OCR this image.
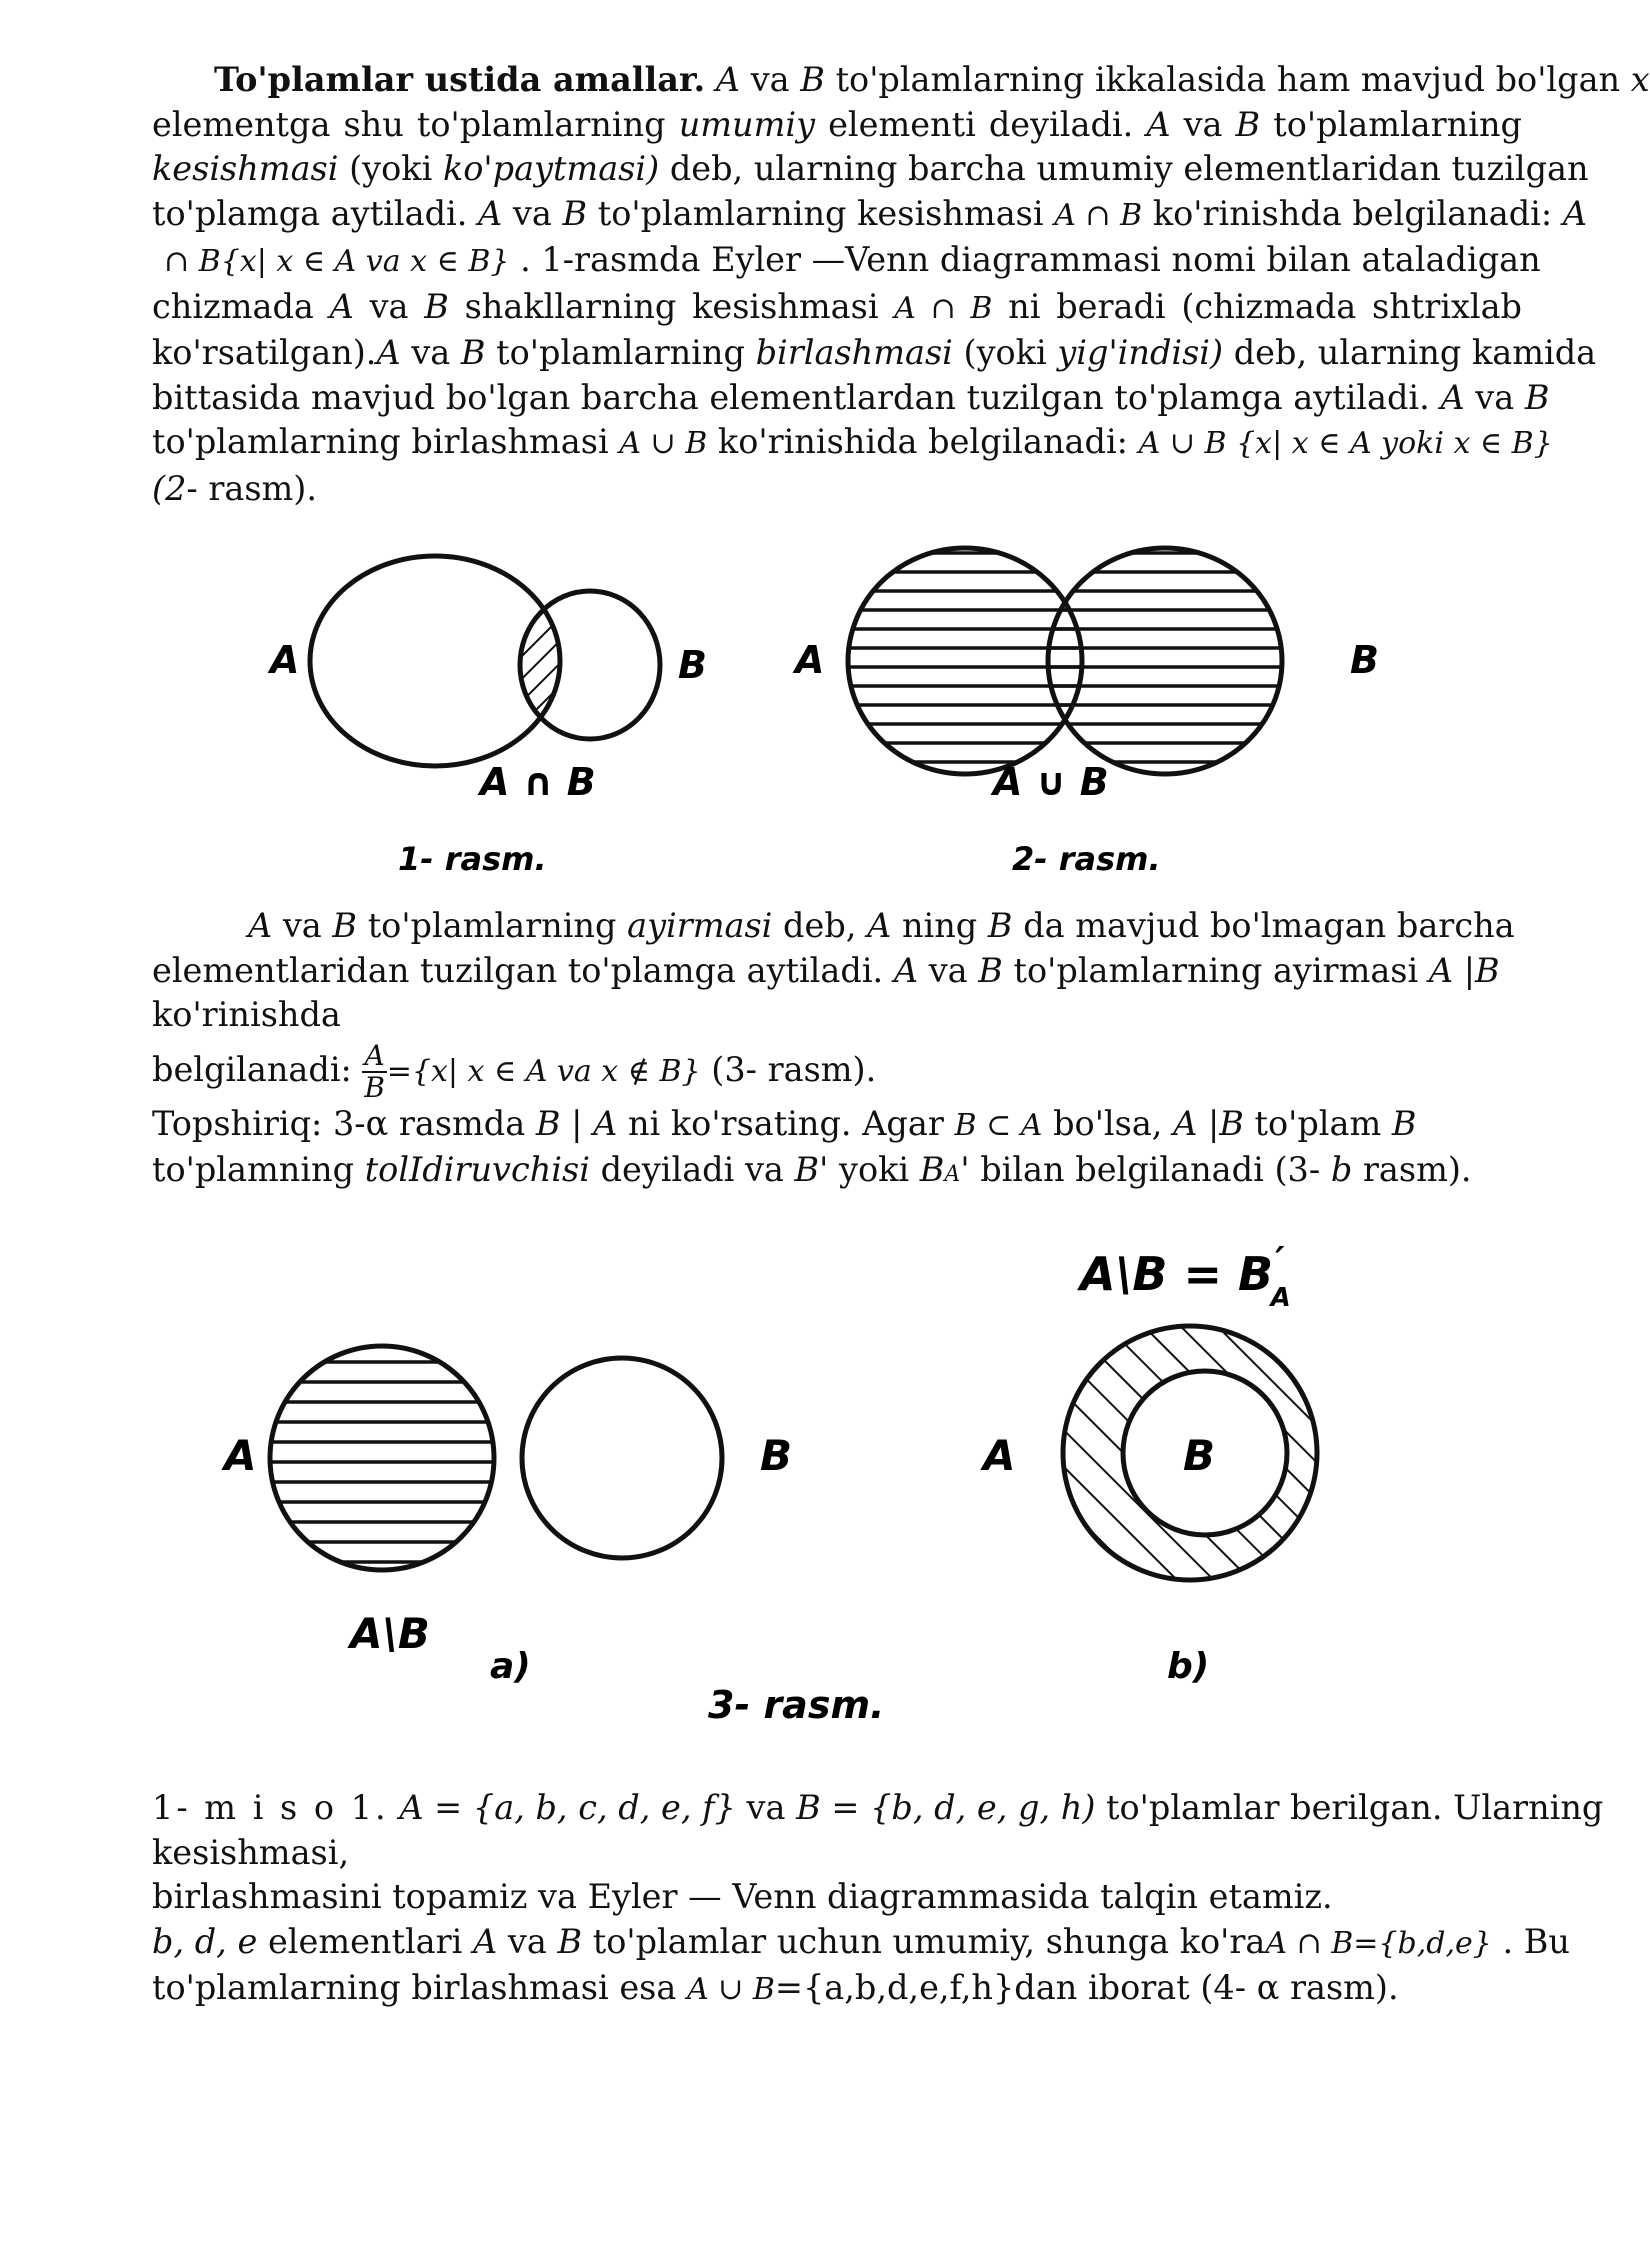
To'plamlar ustida amallar. A va B to'plamlarning ikkalasida ham mavjud bo'lgan x
elementga shu to'plamlarning umumiy elementi deyiladi. A va B to'plamlarning
kesishmasi (yoki ko'paytmasi) deb, ularning barcha umumiy elementlaridan tuzilgan
to'plamga aytiladi. A va B to'plamlarning kesishmasi A ∩ B ko'rinishda belgilanadi: A
∩ B{x| x ∈ A va x ∈ B} . 1-rasmda Eyler —Venn diagrammasi nomi bilan ataladigan
chizmada A va B shakllarning kesishmasi A ∩ B ni beradi (chizmada shtrixlab
ko'rsatilgan).A va B to'plamlarning birlashmasi (yoki yig'indisi) deb, ularning kamida
bittasida mavjud bo'lgan barcha elementlardan tuzilgan to'plamga aytiladi. A va B
to'plamlarning birlashmasi A ∪ B ko'rinishida belgilanadi: A ∪ B {x| x ∈ A yoki x ∈ B}
(2- rasm).
A	B
A ∩ B
1- rasm.
A	B
A ∪ B
2- rasm.
A va B to'plamlarning ayirmasi deb, A ning B da mavjud bo'lmagan barcha
elementlaridan tuzilgan to'plamga aytiladi. A va B to'plamlarning ayirmasi A |B
ko'rinishda
belgilanadi: $\frac{A}{B} =\{x|$ x ∈ A va x ∉ B} (3- rasm).
Topshiriq: 3-α rasmda B | A ni ko'rsating. Agar B ⊂ A bo'lsa, A |B to'plam B
to'plamning tolIdiruvchisi deyiladi va B' yoki BA' bilan belgilanadi (3- b rasm).
A	B
A\B
a)
A\B = B′ A
A	B
b)
3- rasm.
1- m i s o 1. A = {a, b, c, d, e, f} va B = {b, d, e, g, h) to'plamlar berilgan. Ularning
kesishmasi,
birlashmasini topamiz va Eyler — Venn diagrammasida talqin etamiz.
b, d, e elementlari A va B to'plamlar uchun umumiy, shunga ko'raA ∩ B={b,d,e} . Bu
to'plamlarning birlashmasi esa A ∪ B={a,b,d,e,f,h}dan iborat (4- α rasm).
